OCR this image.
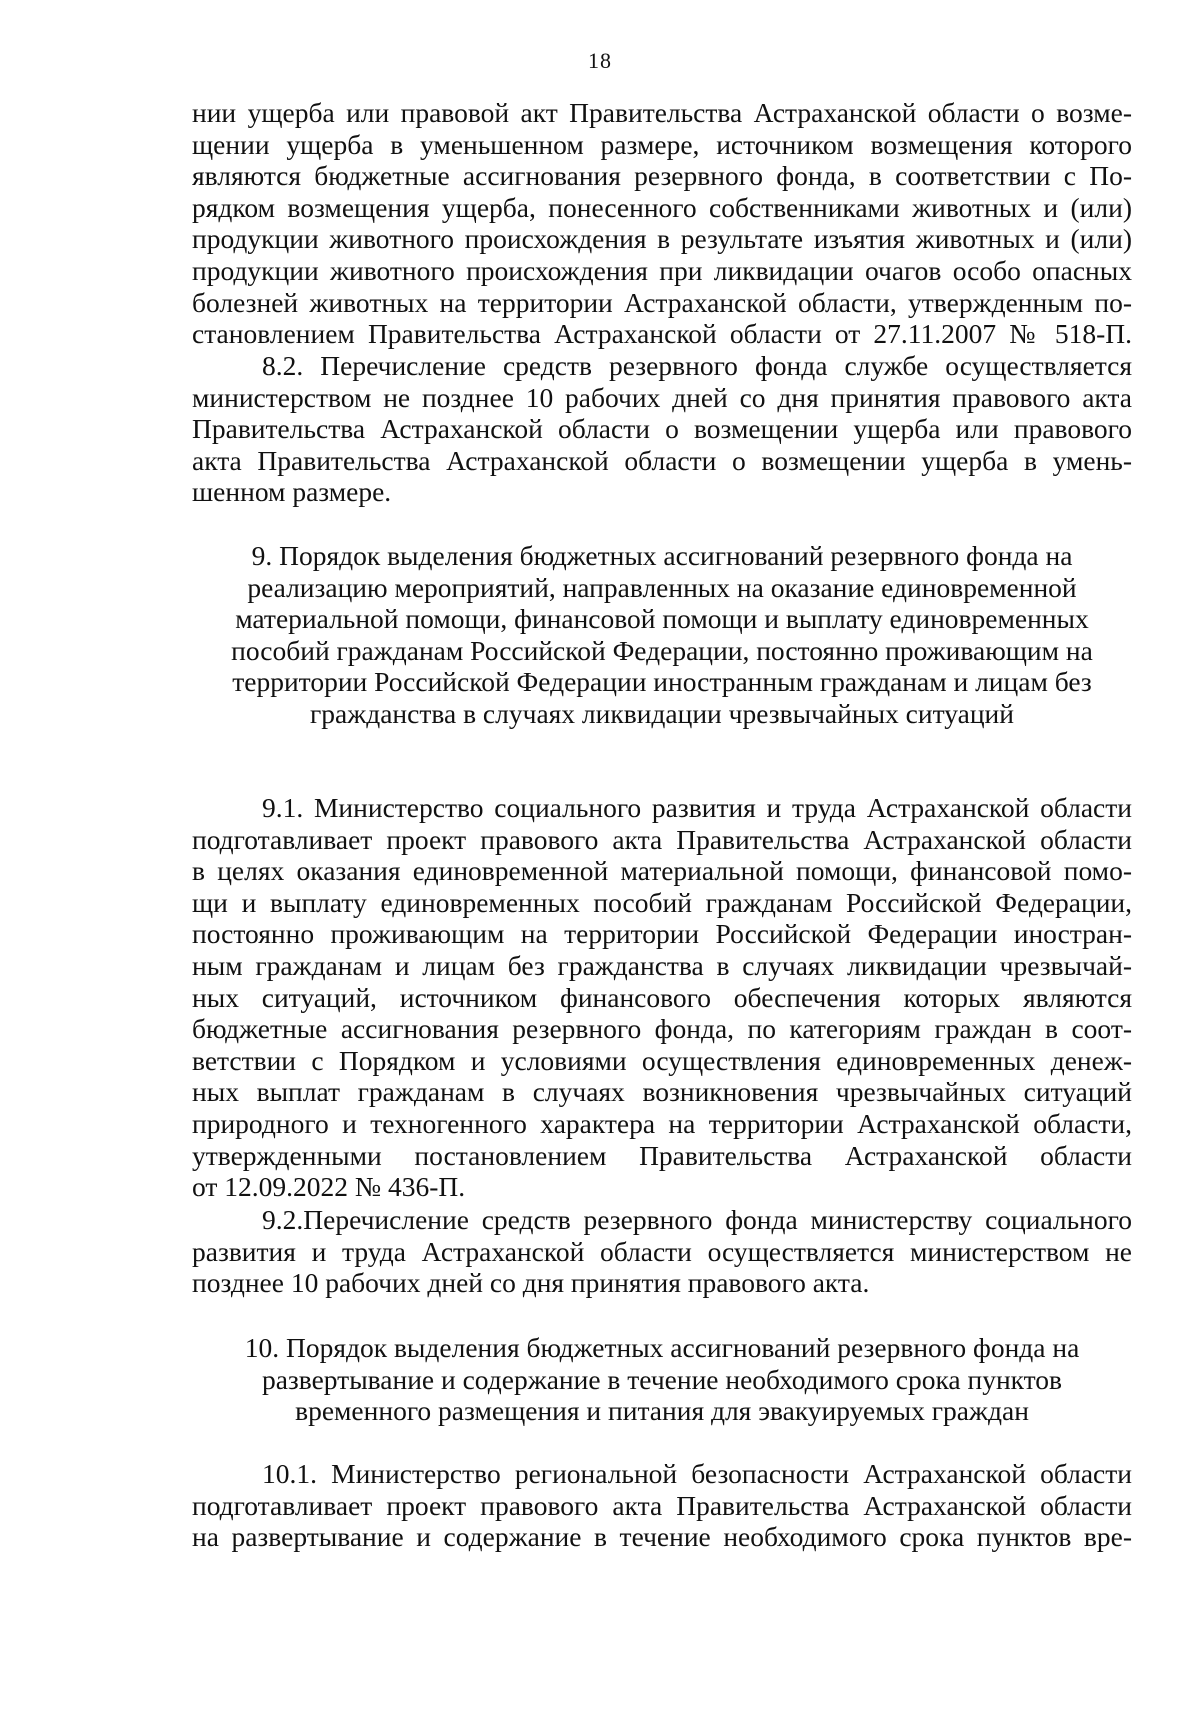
18
нии ущерба или правовой акт Правительства Астраханской области о возме-
щении ущерба в уменьшенном размере, источником возмещения которого
являются бюджетные ассигнования резервного фонда, в соответствии с По-
рядком возмещения ущерба, понесенного собственниками животных и (или)
продукции животного происхождения в результате изъятия животных и (или)
продукции животного происхождения при ликвидации очагов особо опасных
болезней животных на территории Астраханской области, утвержденным по-
становлением Правительства Астраханской области от 27.11.2007 № 518-П.
8.2. Перечисление средств резервного фонда службе осуществляется
министерством не позднее 10 рабочих дней со дня принятия правового акта
Правительства Астраханской области о возмещении ущерба или правового
акта Правительства Астраханской области о возмещении ущерба в умень-
шенном размере.
9. Порядок выделения бюджетных ассигнований резервного фонда на
реализацию мероприятий, направленных на оказание единовременной
материальной помощи, финансовой помощи и выплату единовременных
пособий гражданам Российской Федерации, постоянно проживающим на
территории Российской Федерации иностранным гражданам и лицам без
гражданства в случаях ликвидации чрезвычайных ситуаций
9.1. Министерство социального развития и труда Астраханской области
подготавливает проект правового акта Правительства Астраханской области
в целях оказания единовременной материальной помощи, финансовой помо-
щи и выплату единовременных пособий гражданам Российской Федерации,
постоянно проживающим на территории Российской Федерации иностран-
ным гражданам и лицам без гражданства в случаях ликвидации чрезвычай-
ных ситуаций, источником финансового обеспечения которых являются
бюджетные ассигнования резервного фонда, по категориям граждан в соот-
ветствии с Порядком и условиями осуществления единовременных денеж-
ных выплат гражданам в случаях возникновения чрезвычайных ситуаций
природного и техногенного характера на территории Астраханской области,
утвержденными постановлением Правительства Астраханской области
от 12.09.2022 № 436-П.
9.2.Перечисление средств резервного фонда министерству социального
развития и труда Астраханской области осуществляется министерством не
позднее 10 рабочих дней со дня принятия правового акта.
10. Порядок выделения бюджетных ассигнований резервного фонда на
развертывание и содержание в течение необходимого срока пунктов
временного размещения и питания для эвакуируемых граждан
10.1. Министерство региональной безопасности Астраханской области
подготавливает проект правового акта Правительства Астраханской области
на развертывание и содержание в течение необходимого срока пунктов вре-
